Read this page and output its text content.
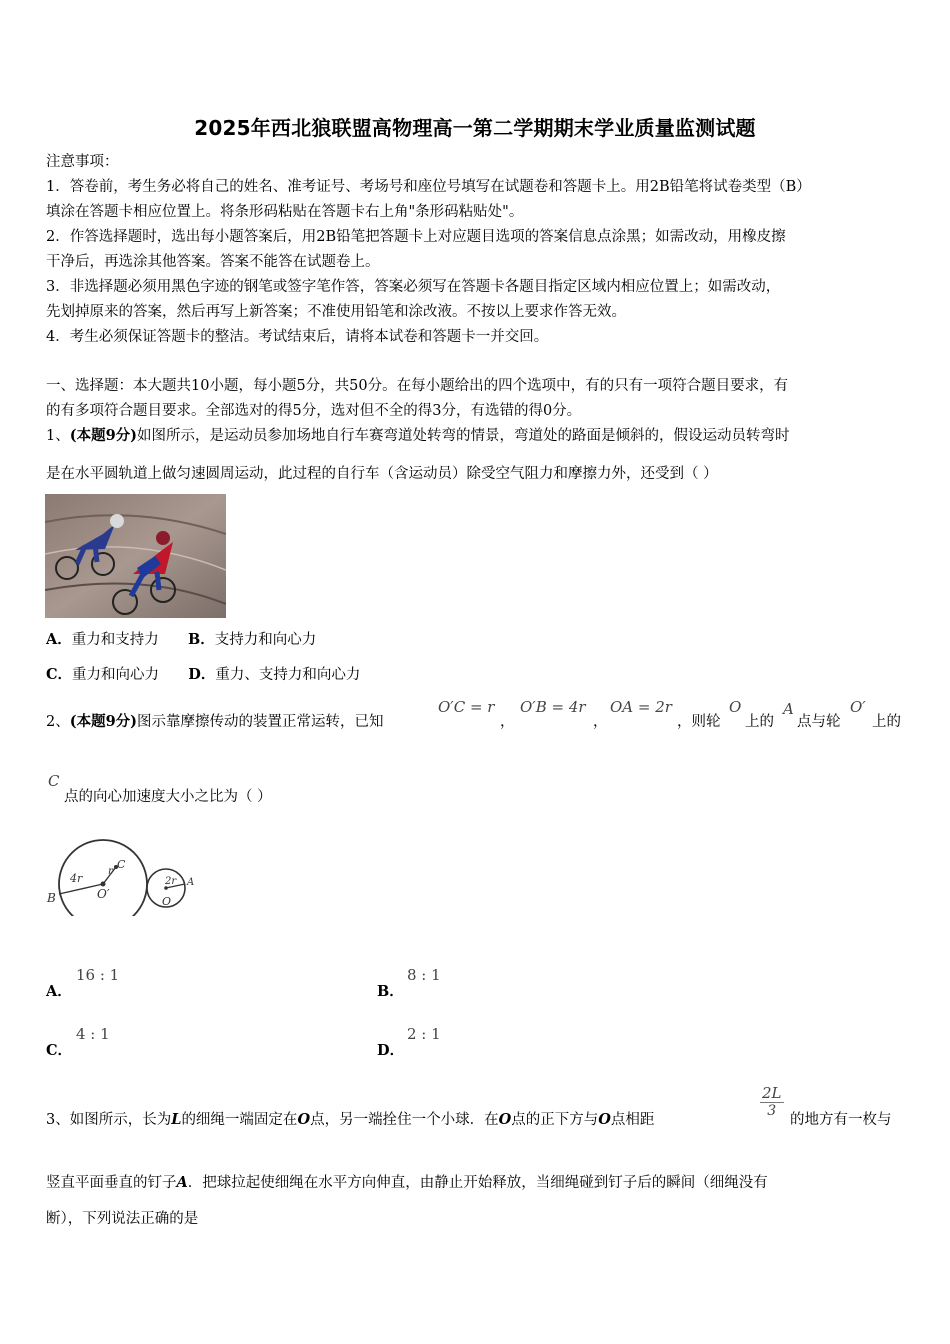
2025年西北狼联盟高物理高一第二学期期末学业质量监测试题
注意事项：
1．答卷前，考生务必将自己的姓名、准考证号、考场号和座位号填写在试题卷和答题卡上。用2B铅笔将试卷类型（B）
填涂在答题卡相应位置上。将条形码粘贴在答题卡右上角"条形码粘贴处"。
2．作答选择题时，选出每小题答案后，用2B铅笔把答题卡上对应题目选项的答案信息点涂黑；如需改动，用橡皮擦
干净后，再选涂其他答案。答案不能答在试题卷上。
3．非选择题必须用黑色字迹的钢笔或签字笔作答，答案必须写在答题卡各题目指定区域内相应位置上；如需改动，
先划掉原来的答案，然后再写上新答案；不准使用铅笔和涂改液。不按以上要求作答无效。
4．考生必须保证答题卡的整洁。考试结束后，请将本试卷和答题卡一并交回。
一、选择题：本大题共10小题，每小题5分，共50分。在每小题给出的四个选项中，有的只有一项符合题目要求，有
的有多项符合题目要求。全部选对的得5分，选对但不全的得3分，有选错的得0分。
1、(本题9分)如图所示，是运动员参加场地自行车赛弯道处转弯的情景，弯道处的路面是倾斜的，假设运动员转弯时
是在水平圆轨道上做匀速圆周运动，此过程的自行车（含运动员）除受空气阻力和摩擦力外，还受到（ ）
A．重力和支持力 B．支持力和向心力
C．重力和向心力 D．重力、支持力和向心力
2、(本题9分)图示靠摩擦传动的装置正常运转，已知
O′C = r
，
O′B = 4r
，
OA = 2r
，则轮
O
上的
A
点与轮
O′
上的
C
点的向心加速度大小之比为（ ）
4r
r
C
O′
B
2r
O
A
A．
16 : 1
B．
8 : 1
C．
4 : 1
D．
2 : 1
3、如图所示，长为L的细绳一端固定在O点，另一端拴住一个小球．在O点的正下方与O点相距
$\frac{2L}{3}$
的地方有一枚与
竖直平面垂直的钉子A．把球拉起使细绳在水平方向伸直，由静止开始释放，当细绳碰到钉子后的瞬间（细绳没有
断），下列说法正确的是
